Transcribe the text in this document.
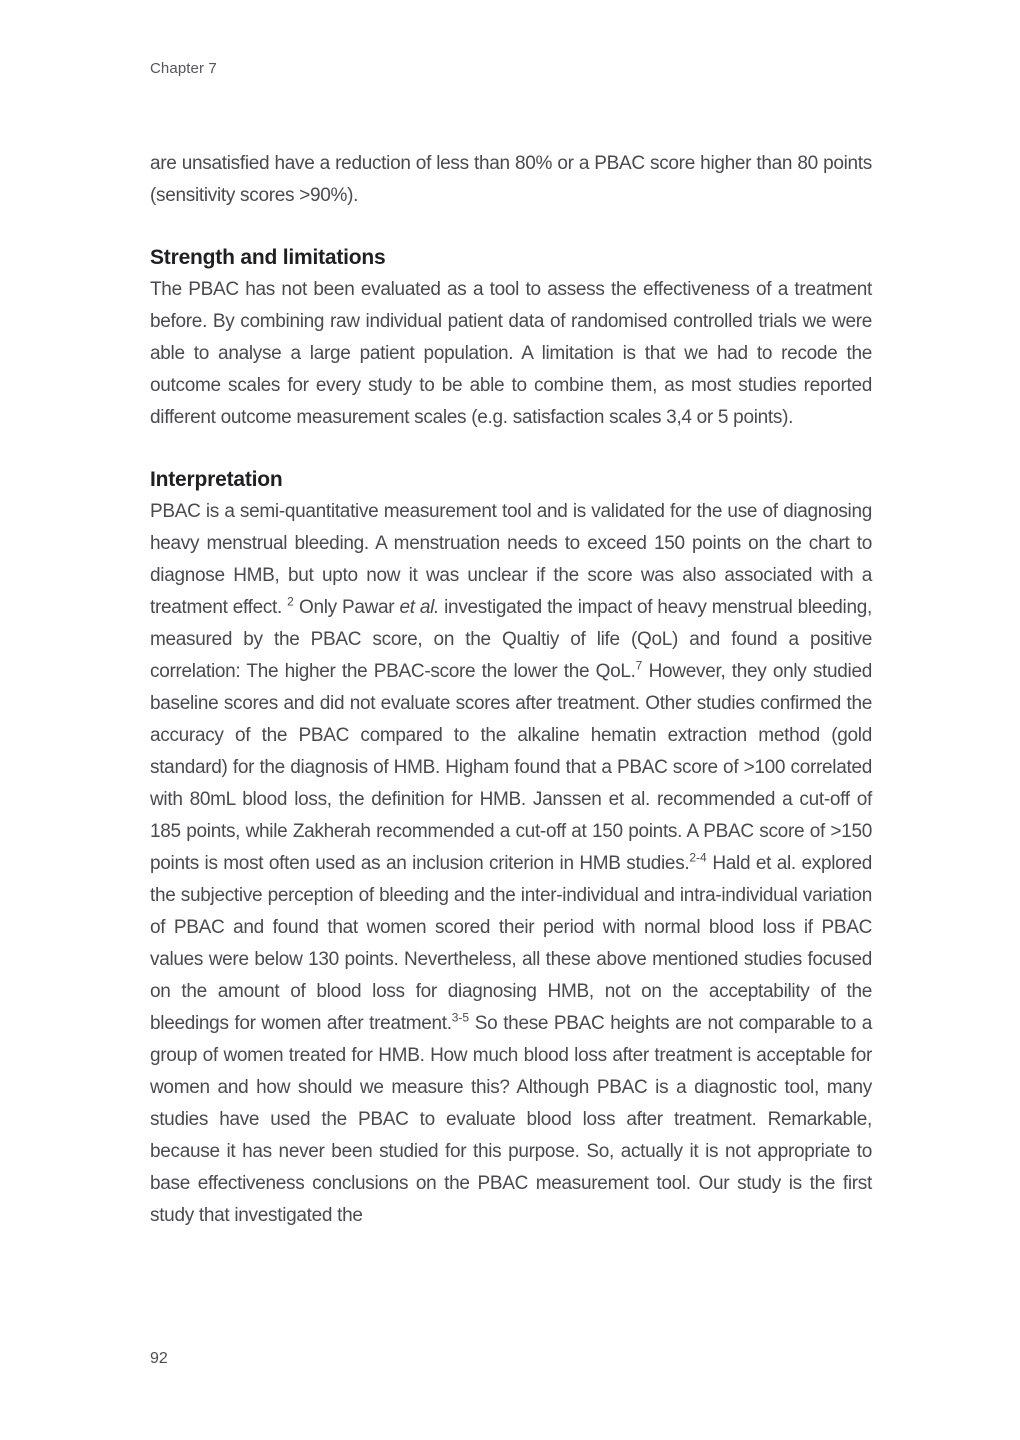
Chapter 7

are unsatisfied have a reduction of less than 80% or a PBAC score higher than 80 points (sensitivity scores >90%).

Strength and limitations

The PBAC has not been evaluated as a tool to assess the effectiveness of a treatment before. By combining raw individual patient data of randomised controlled trials we were able to analyse a large patient population. A limitation is that we had to recode the outcome scales for every study to be able to combine them, as most studies reported different outcome measurement scales (e.g. satisfaction scales 3,4 or 5 points).

Interpretation

PBAC is a semi-quantitative measurement tool and is validated for the use of diagnosing heavy menstrual bleeding. A menstruation needs to exceed 150 points on the chart to diagnose HMB, but upto now it was unclear if the score was also associated with a treatment effect. $^2$ Only Pawar et al. investigated the impact of heavy menstrual bleeding, measured by the PBAC score, on the Qualtiy of life (QoL) and found a positive correlation: The higher the PBAC-score the lower the QoL.$^7$ However, they only studied baseline scores and did not evaluate scores after treatment. Other studies confirmed the accuracy of the PBAC compared to the alkaline hematin extraction method (gold standard) for the diagnosis of HMB. Higham found that a PBAC score of >100 correlated with 80mL blood loss, the definition for HMB. Janssen et al. recommended a cut-off of 185 points, while Zakherah recommended a cut-off at 150 points. A PBAC score of >150 points is most often used as an inclusion criterion in HMB studies.$^{2-4}$ Hald et al. explored the subjective perception of bleeding and the inter-individual and intra-individual variation of PBAC and found that women scored their period with normal blood loss if PBAC values were below 130 points. Nevertheless, all these above mentioned studies focused on the amount of blood loss for diagnosing HMB, not on the acceptability of the bleedings for women after treatment.$^{3-5}$ So these PBAC heights are not comparable to a group of women treated for HMB. How much blood loss after treatment is acceptable for women and how should we measure this? Although PBAC is a diagnostic tool, many studies have used the PBAC to evaluate blood loss after treatment. Remarkable, because it has never been studied for this purpose. So, actually it is not appropriate to base effectiveness conclusions on the PBAC measurement tool. Our study is the first study that investigated the

92
